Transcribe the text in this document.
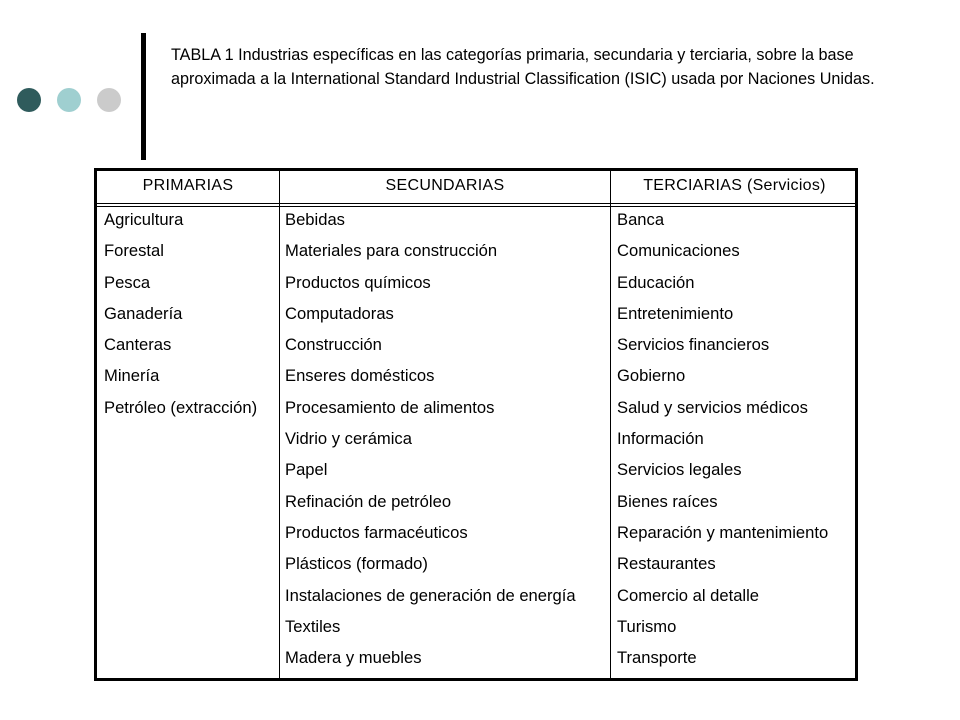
TABLA 1 Industrias específicas en las categorías primaria, secundaria y terciaria, sobre la base aproximada a la International Standard Industrial Classification (ISIC) usada por Naciones Unidas.

PRIMARIAS	SECUNDARIAS	TERCIARIAS (Servicios)
Agricultura
Forestal
Pesca
Ganadería
Canteras
Minería
Petróleo (extracción)
Bebidas
Materiales para construcción
Productos químicos
Computadoras
Construcción
Enseres domésticos
Procesamiento de alimentos
Vidrio y cerámica
Papel
Refinación de petróleo
Productos farmacéuticos
Plásticos (formado)
Instalaciones de generación de energía
Textiles
Madera y muebles
Banca
Comunicaciones
Educación
Entretenimiento
Servicios financieros
Gobierno
Salud y servicios médicos
Información
Servicios legales
Bienes raíces
Reparación y mantenimiento
Restaurantes
Comercio al detalle
Turismo
Transporte
